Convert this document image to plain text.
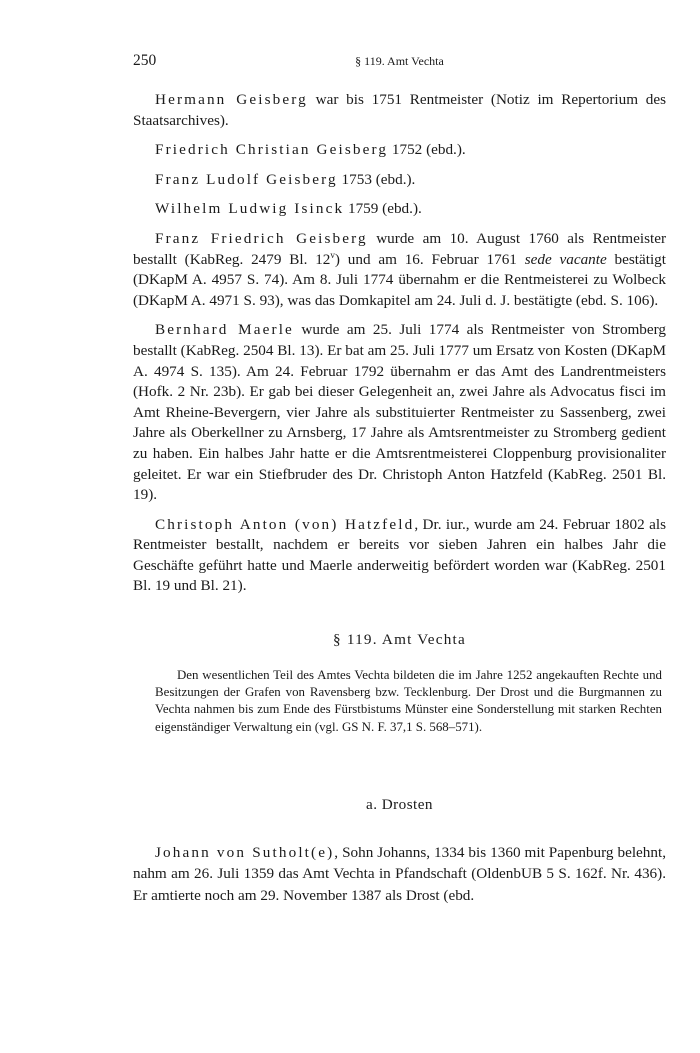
250	§ 119. Amt Vechta

Hermann Geisberg war bis 1751 Rentmeister (Notiz im Repertorium des Staatsarchives).

Friedrich Christian Geisberg 1752 (ebd.).

Franz Ludolf Geisberg 1753 (ebd.).

Wilhelm Ludwig Isinck 1759 (ebd.).

Franz Friedrich Geisberg wurde am 10. August 1760 als Rentmeister bestallt (KabReg. 2479 Bl. 12$^v$) und am 16. Februar 1761 sede vacante bestätigt (DKapM A. 4957 S. 74). Am 8. Juli 1774 übernahm er die Rentmeisterei zu Wolbeck (DKapM A. 4971 S. 93), was das Domkapitel am 24. Juli d. J. bestätigte (ebd. S. 106).

Bernhard Maerle wurde am 25. Juli 1774 als Rentmeister von Stromberg bestallt (KabReg. 2504 Bl. 13). Er bat am 25. Juli 1777 um Ersatz von Kosten (DKapM A. 4974 S. 135). Am 24. Februar 1792 übernahm er das Amt des Landrentmeisters (Hofk. 2 Nr. 23b). Er gab bei dieser Gelegenheit an, zwei Jahre als Advocatus fisci im Amt Rheine-Bevergern, vier Jahre als substituierter Rentmeister zu Sassenberg, zwei Jahre als Oberkellner zu Arnsberg, 17 Jahre als Amtsrentmeister zu Stromberg gedient zu haben. Ein halbes Jahr hatte er die Amtsrentmeisterei Cloppenburg provisionaliter geleitet. Er war ein Stiefbruder des Dr. Christoph Anton Hatzfeld (KabReg. 2501 Bl. 19).

Christoph Anton (von) Hatzfeld, Dr. iur., wurde am 24. Februar 1802 als Rentmeister bestallt, nachdem er bereits vor sieben Jahren ein halbes Jahr die Geschäfte geführt hatte und Maerle anderweitig befördert worden war (KabReg. 2501 Bl. 19 und Bl. 21).

§ 119. Amt Vechta

Den wesentlichen Teil des Amtes Vechta bildeten die im Jahre 1252 angekauften Rechte und Besitzungen der Grafen von Ravensberg bzw. Tecklenburg. Der Drost und die Burgmannen zu Vechta nahmen bis zum Ende des Fürstbistums Münster eine Sonderstellung mit starken Rechten eigenständiger Verwaltung ein (vgl. GS N. F. 37,1 S. 568–571).

a. Drosten

Johann von Sutholt(e), Sohn Johanns, 1334 bis 1360 mit Papenburg belehnt, nahm am 26. Juli 1359 das Amt Vechta in Pfandschaft (OldenbUB 5 S. 162f. Nr. 436). Er amtierte noch am 29. November 1387 als Drost (ebd.
